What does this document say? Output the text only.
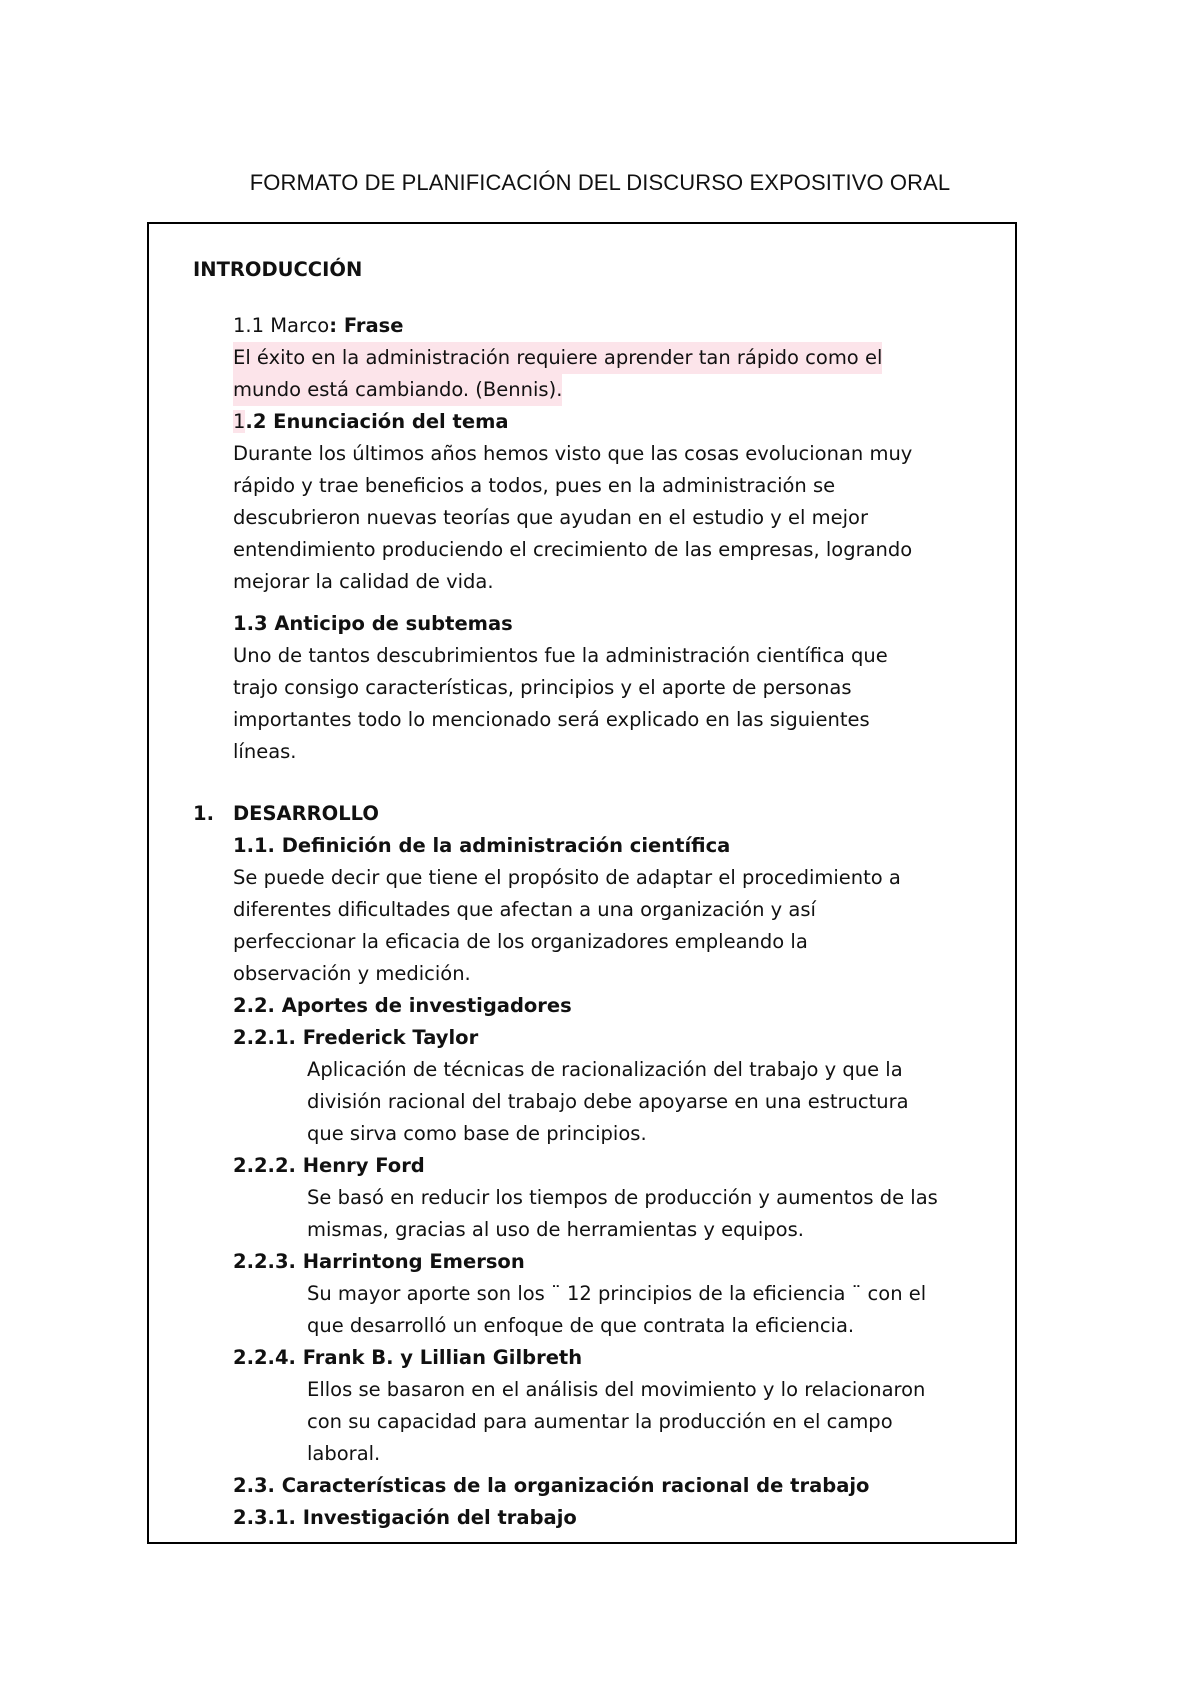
FORMATO DE PLANIFICACIÓN DEL DISCURSO EXPOSITIVO ORAL
INTRODUCCIÓN
1.1 Marco: Frase
El éxito en la administración requiere aprender tan rápido como el
mundo está cambiando. (Bennis).
1.2 Enunciación del tema
Durante los últimos años hemos visto que las cosas evolucionan muy
rápido y trae beneficios a todos, pues en la administración se
descubrieron nuevas teorías que ayudan en el estudio y el mejor
entendimiento produciendo el crecimiento de las empresas, logrando
mejorar la calidad de vida.
1.3 Anticipo de subtemas
Uno de tantos descubrimientos fue la administración científica que
trajo consigo características, principios y el aporte de personas
importantes todo lo mencionado será explicado en las siguientes
líneas.
1. DESARROLLO
1.1. Definición de la administración científica
Se puede decir que tiene el propósito de adaptar el procedimiento a
diferentes dificultades que afectan a una organización y así
perfeccionar la eficacia de los organizadores empleando la
observación y medición.
2.2. Aportes de investigadores
2.2.1. Frederick Taylor
Aplicación de técnicas de racionalización del trabajo y que la
división racional del trabajo debe apoyarse en una estructura
que sirva como base de principios.
2.2.2. Henry Ford
Se basó en reducir los tiempos de producción y aumentos de las
mismas, gracias al uso de herramientas y equipos.
2.2.3. Harrintong Emerson
Su mayor aporte son los ¨ 12 principios de la eficiencia ¨ con el
que desarrolló un enfoque de que contrata la eficiencia.
2.2.4. Frank B. y Lillian Gilbreth
Ellos se basaron en el análisis del movimiento y lo relacionaron
con su capacidad para aumentar la producción en el campo
laboral.
2.3. Características de la organización racional de trabajo
2.3.1. Investigación del trabajo
